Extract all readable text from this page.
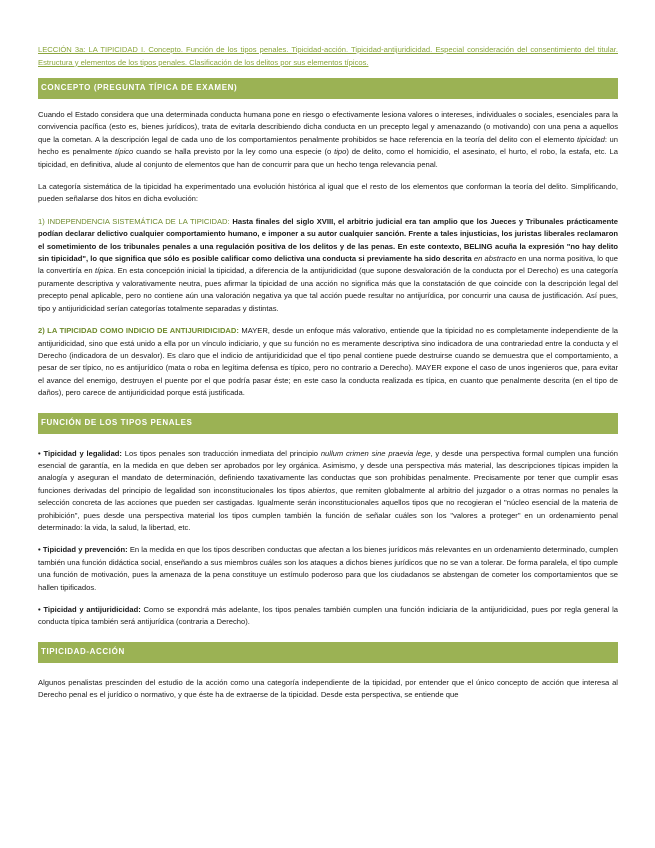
LECCIÓN 3a: LA TIPICIDAD I. Concepto. Función de los tipos penales. Tipicidad-acción. Tipicidad-antijuridicidad. Especial consideración del consentimiento del titular. Estructura y elementos de los tipos penales. Clasificación de los delitos por sus elementos típicos.
CONCEPTO (PREGUNTA TÍPICA DE EXAMEN)

Cuando el Estado considera que una determinada conducta humana pone en riesgo o efectivamente lesiona valores o intereses, individuales o sociales, esenciales para la convivencia pacífica (esto es, bienes jurídicos), trata de evitarla describiendo dicha conducta en un precepto legal y amenazando (o motivando) con una pena a aquellos que la cometan. A la descripción legal de cada uno de los comportamientos penalmente prohibidos se hace referencia en la teoría del delito con el elemento tipicidad: un hecho es penalmente típico cuando se halla previsto por la ley como una especie (o tipo) de delito, como el homicidio, el asesinato, el hurto, el robo, la estafa, etc. La tipicidad, en definitiva, alude al conjunto de elementos que han de concurrir para que un hecho tenga relevancia penal.

La categoría sistemática de la tipicidad ha experimentado una evolución histórica al igual que el resto de los elementos que conforman la teoría del delito. Simplificando, pueden señalarse dos hitos en dicha evolución:

1) INDEPENDENCIA SISTEMÁTICA DE LA TIPICIDAD: Hasta finales del siglo XVIII, el arbitrio judicial era tan amplio que los Jueces y Tribunales prácticamente podían declarar delictivo cualquier comportamiento humano, e imponer a su autor cualquier sanción. Frente a tales injusticias, los juristas liberales reclamaron el sometimiento de los tribunales penales a una regulación positiva de los delitos y de las penas. En este contexto, BELING acuña la expresión "no hay delito sin tipicidad", lo que significa que sólo es posible calificar como delictiva una conducta si previamente ha sido descrita en abstracto en una norma positiva, lo que la convertiría en típica. En esta concepción inicial la tipicidad, a diferencia de la antijuridicidad (que supone desvaloración de la conducta por el Derecho) es una categoría puramente descriptiva y valorativamente neutra, pues afirmar la tipicidad de una acción no significa más que la constatación de que coincide con la descripción legal del precepto penal aplicable, pero no contiene aún una valoración negativa ya que tal acción puede resultar no antijurídica, por concurrir una causa de justificación. Así pues, tipo y antijuridicidad serían categorías totalmente separadas y distintas.

2) LA TIPICIDAD COMO INDICIO DE ANTIJURIDICIDAD: MAYER, desde un enfoque más valorativo, entiende que la tipicidad no es completamente independiente de la antijuridicidad, sino que está unido a ella por un vínculo indiciario, y que su función no es meramente descriptiva sino indicadora de una contrariedad entre la conducta y el Derecho (indicadora de un desvalor). Es claro que el indicio de antijuridicidad que el tipo penal contiene puede destruirse cuando se demuestra que el comportamiento, a pesar de ser típico, no es antijurídico (mata o roba en legítima defensa es típico, pero no contrario a Derecho). MAYER expone el caso de unos ingenieros que, para evitar el avance del enemigo, destruyen el puente por el que podría pasar éste; en este caso la conducta realizada es típica, en cuanto que penalmente descrita (en el tipo de daños), pero carece de antijuridicidad porque está justificada.

FUNCIÓN DE LOS TIPOS PENALES

• Tipicidad y legalidad: Los tipos penales son traducción inmediata del principio nullum crimen sine praevia lege, y desde una perspectiva formal cumplen una función esencial de garantía, en la medida en que deben ser aprobados por ley orgánica. Asimismo, y desde una perspectiva más material, las descripciones típicas impiden la analogía y aseguran el mandato de determinación, definiendo taxativamente las conductas que son prohibidas penalmente. Precisamente por tener que cumplir esas funciones derivadas del principio de legalidad son inconstitucionales los tipos abiertos, que remiten globalmente al arbitrio del juzgador o a otras normas no penales la selección concreta de las acciones que pueden ser castigadas. Igualmente serán inconstitucionales aquellos tipos que no recogieran el "núcleo esencial de la materia de prohibición", pues desde una perspectiva material los tipos cumplen también la función de señalar cuáles son los "valores a proteger" en un ordenamiento penal determinado: la vida, la salud, la libertad, etc.

• Tipicidad y prevención: En la medida en que los tipos describen conductas que afectan a los bienes jurídicos más relevantes en un ordenamiento determinado, cumplen también una función didáctica social, enseñando a sus miembros cuáles son los ataques a dichos bienes jurídicos que no se van a tolerar. De forma paralela, el tipo cumple una función de motivación, pues la amenaza de la pena constituye un estímulo poderoso para que los ciudadanos se abstengan de cometer los comportamientos que se hallen tipificados.

• Tipicidad y antijuridicidad: Como se expondrá más adelante, los tipos penales también cumplen una función indiciaria de la antijuridicidad, pues por regla general la conducta típica también será antijurídica (contraria a Derecho).

TIPICIDAD-ACCIÓN

Algunos penalistas prescinden del estudio de la acción como una categoría independiente de la tipicidad, por entender que el único concepto de acción que interesa al Derecho penal es el jurídico o normativo, y que éste ha de extraerse de la tipicidad. Desde esta perspectiva, se entiende que
